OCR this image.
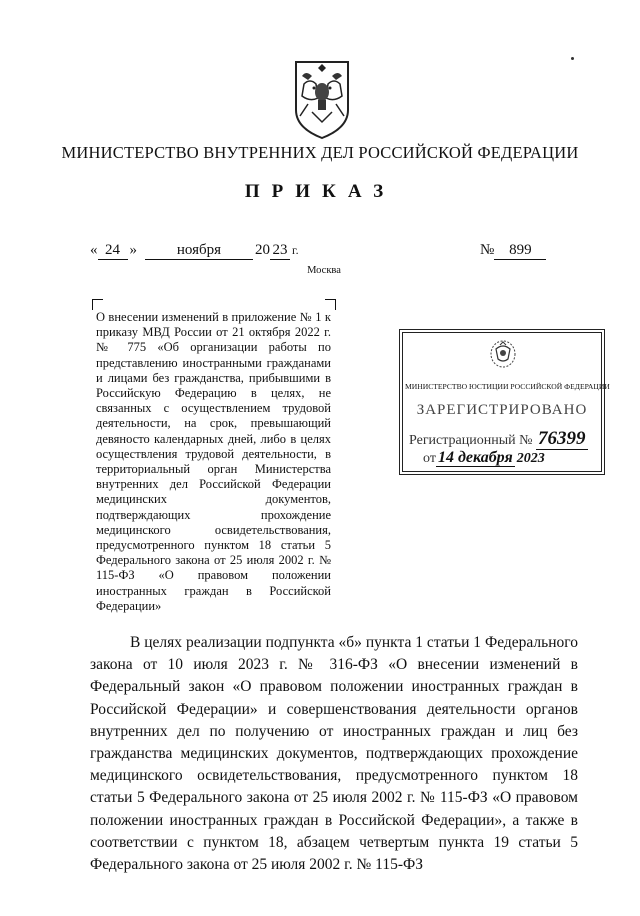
МИНИСТЕРСТВО ВНУТРЕННИХ ДЕЛ РОССИЙСКОЙ ФЕДЕРАЦИИ
ПРИКАЗ
« 24 »	ноября 20 23 г.	№ 899
Москва
О внесении изменений в приложение № 1 к приказу МВД России от 21 октября 2022 г. № 775 «Об организации работы по представлению иностранными гражданами и лицами без гражданства, прибывшими в Российскую Федерацию в целях, не связанных с осуществлением трудовой деятельности, на срок, превышающий девяносто календарных дней, либо в целях осуществления трудовой деятельности, в территориальный орган Министерства внутренних дел Российской Федерации медицинских документов, подтверждающих прохождение медицинского освидетельствования, предусмотренного пунктом 18 статьи 5 Федерального закона от 25 июля 2002 г. № 115-ФЗ «О правовом положении иностранных граждан в Российской Федерации»
МИНИСТЕРСТВО ЮСТИЦИИ РОССИЙСКОЙ ФЕДЕРАЦИИ
ЗАРЕГИСТРИРОВАНО
Регистрационный № 76399
от 14 декабря 2023
В целях реализации подпункта «б» пункта 1 статьи 1 Федерального закона от 10 июля 2023 г. № 316-ФЗ «О внесении изменений в Федеральный закон «О правовом положении иностранных граждан в Российской Федерации» и совершенствования деятельности органов внутренних дел по получению от иностранных граждан и лиц без гражданства медицинских документов, подтверждающих прохождение медицинского освидетельствования, предусмотренного пунктом 18 статьи 5 Федерального закона от 25 июля 2002 г. № 115-ФЗ «О правовом положении иностранных граждан в Российской Федерации», а также в соответствии с пунктом 18, абзацем четвертым пункта 19 статьи 5 Федерального закона от 25 июля 2002 г. № 115-ФЗ
